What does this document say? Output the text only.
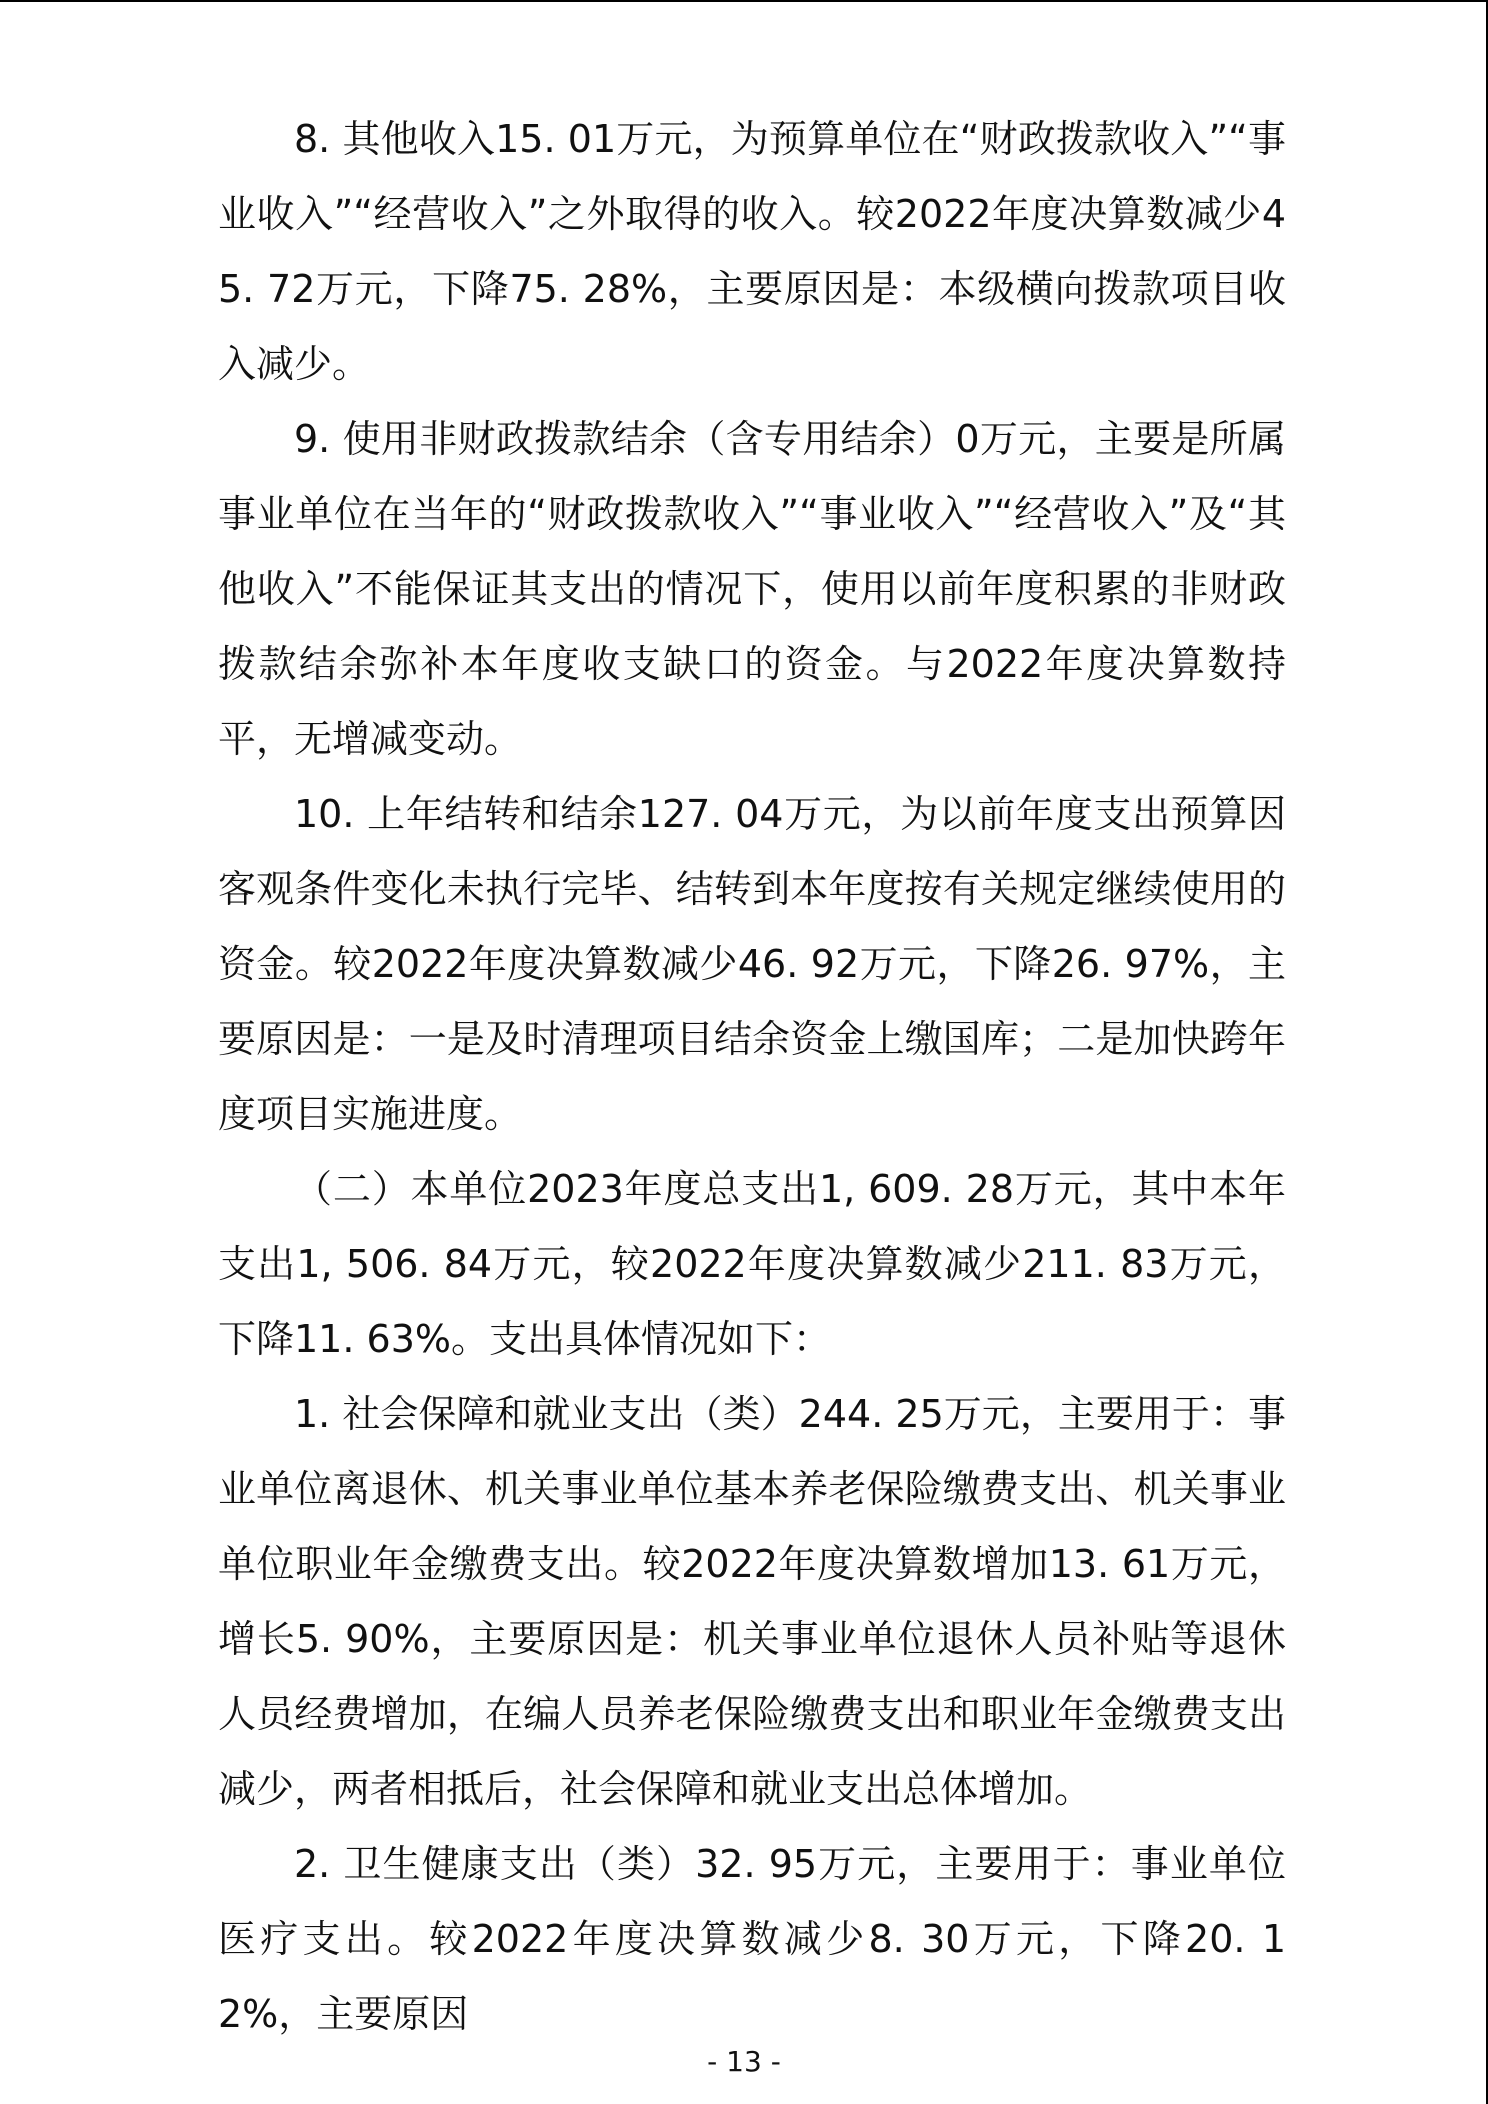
8. 其他收入15. 01万元，为预算单位在“财政拨款收入”“事业收入”“经营收入”之外取得的收入。较2022年度决算数减少45. 72万元，下降75. 28%，主要原因是：本级横向拨款项目收入减少。

9. 使用非财政拨款结余（含专用结余）0万元，主要是所属事业单位在当年的“财政拨款收入”“事业收入”“经营收入”及“其他收入”不能保证其支出的情况下，使用以前年度积累的非财政拨款结余弥补本年度收支缺口的资金。与2022年度决算数持平，无增减变动。

10. 上年结转和结余127. 04万元，为以前年度支出预算因客观条件变化未执行完毕、结转到本年度按有关规定继续使用的资金。较2022年度决算数减少46. 92万元，下降26. 97%，主要原因是：一是及时清理项目结余资金上缴国库；二是加快跨年度项目实施进度。

（二）本单位2023年度总支出1, 609. 28万元，其中本年支出1, 506. 84万元，较2022年度决算数减少211. 83万元，下降11. 63%。支出具体情况如下：

1. 社会保障和就业支出（类）244. 25万元，主要用于：事业单位离退休、机关事业单位基本养老保险缴费支出、机关事业单位职业年金缴费支出。较2022年度决算数增加13. 61万元，增长5. 90%，主要原因是：机关事业单位退休人员补贴等退休人员经费增加，在编人员养老保险缴费支出和职业年金缴费支出减少，两者相抵后，社会保障和就业支出总体增加。

2. 卫生健康支出（类）32. 95万元，主要用于：事业单位医疗支出。较2022年度决算数减少8. 30万元，下降20. 12%，主要原因

- 13 -
